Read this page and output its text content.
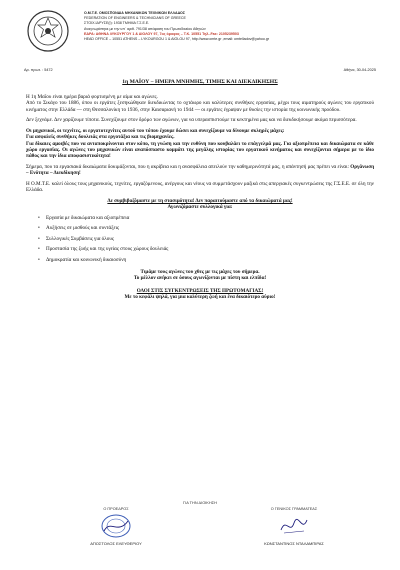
Ο.Μ.Τ.Ε. ΟΜΟΣΠΟΝΔΙΑ ΜΗΧΑΝΙΚΩΝ ΤΕΧΝΙΚΩΝ ΕΛΛΑΔΟΣ
FEDERATION OF ENGINEERS & TECHNICIANS OF GREECE
ΣΤΟΙΧ.ΙΔΡΥΣΕ(Ι): 1938 ΤΜΗΜΑ Γ.Σ.Ε.Ε.
Αναγνωρίστηκε με την υπ΄ αριθ. 791/38 απόφαση του Πρωτοδικείου Αθηνών
ΕΔΡΑ: ΑΘΗΝΑ ΛΥΚΟΥΡΓΟΥ 1 & ΑΙΟΛΟΥ 97, 7ος όροφος – Τ.Κ. 10551 Τηλ.-Fax: 2105239503
HEAD OFFICE – 10551 ATHENS – LYKOURGOU 1 & AIOLOU 97, http://www.omte.gr ,email: omtelladov@yahoo.gr
Αρ. πρωτ. : 5472	Αθήνα, 30-04-2025
1η ΜΑΪΟΥ – ΗΜΕΡΑ ΜΝΗΜΗΣ, ΤΙΜΗΣ ΚΑΙ ΔΙΕΚΔΙΚΗΣΗΣ

Η 1η Μαΐου είναι ημέρα βαριά φορτισμένη με αίμα και αγώνες.

Από το Σικάγο του 1886, όπου οι εργάτες ξεσηκώθηκαν διεκδικώντας το οχτάωρο και καλύτερες συνθήκες εργασίας, μέχρι τους αιματηρούς αγώνες του εργατικού κινήματος στην Ελλάδα — στη Θεσσαλονίκη το 1936, στην Καισαριανή το 1944 — οι εργάτες έγραψαν με θυσίες την ιστορία της κοινωνικής προόδου.

Δεν ξεχνάμε. Δεν χαρίζουμε τίποτα. Συνεχίζουμε στον δρόμο των αγώνων, για να υπερασπιστούμε τα κεκτημένα μας και να διεκδικήσουμε ακόμα περισσότερα.

Οι μηχανικοί, οι τεχνίτες, οι εργατοτεχνίτες αυτού του τόπου έχουμε δώσει και συνεχίζουμε να δίνουμε σκληρές μάχες:

Για ασφαλείς συνθήκες δουλειάς στα εργοτάξια και τις βιομηχανίες.

Για δίκαιες αμοιβές που να ανταποκρίνονται στον κόπο, τη γνώση και την ευθύνη που κουβαλάει το επάγγελμά μας. Για αξιοπρέπεια και δικαιώματα σε κάθε χώρο εργασίας. Οι αγώνες του μηχανικών είναι αναπόσπαστο κομμάτι της μεγάλης ιστορίας του εργατικού κινήματος και συνεχίζονται σήμερα με το ίδιο πάθος και την ίδια αποφασιστικότητα!

Σήμερα, που τα εργασιακά δικαιώματα δοκιμάζονται, που η ακρίβεια και η ανασφάλεια απειλούν την καθημερινότητά μας, η απάντησή μας πρέπει να είναι: Οργάνωση – Ενότητα – Διεκδίκηση!

Η Ο.Μ.Τ.Ε. καλεί όλους τους μηχανικούς, τεχνίτες, εργαζόμενους, ανέργους και νέους να συμμετάσχουν μαζικά στις απεργιακές συγκεντρώσεις της Γ.Σ.Ε.Ε. σε όλη την Ελλάδα.

Δε συμβιβαζόμαστε με τη στασιμότητα! Δεν παραιτούμαστε από τα δικαιώματά μας!
Αγωνιζόμαστε συλλογικά για:
• Εργασία με δικαιώματα και αξιοπρέπεια
• Αυξήσεις σε μισθούς και συντάξεις
• Συλλογικές Συμβάσεις για όλους
• Προστασία της ζωής και της υγείας στους χώρους δουλειάς
• Δημοκρατία και κοινωνική δικαιοσύνη
Τιμάμε τους αγώνες του χθες με τις μάχες του σήμερα.
Το μέλλον ανήκει σε όσους αγωνίζονται με πίστη και ελπίδα!
ΟΛΟΙ ΣΤΙΣ ΣΥΓΚΕΝΤΡΩΣΕΙΣ ΤΗΣ ΠΡΩΤΟΜΑΓΙΑΣ!
Με το κεφάλι ψηλά, για μια καλύτερη ζωή και ένα δικαιότερο αύριο!
ΓΙΑ ΤΗΝ ΔΙΟΙΚΗΣΗ
Ο ΠΡΟΕΔΡΟΣ
ΑΠΟΣΤΟΛΟΣ ΕΛΕΥΘΕΡΙΟΥ
Ο ΓΕΝΙΚΟΣ ΓΡΑΜΜΑΤΕΑΣ
ΚΩΝΣΤΑΝΤΙΝΟΣ ΝΤΑΛΑΜΠΙΡΑΣ
